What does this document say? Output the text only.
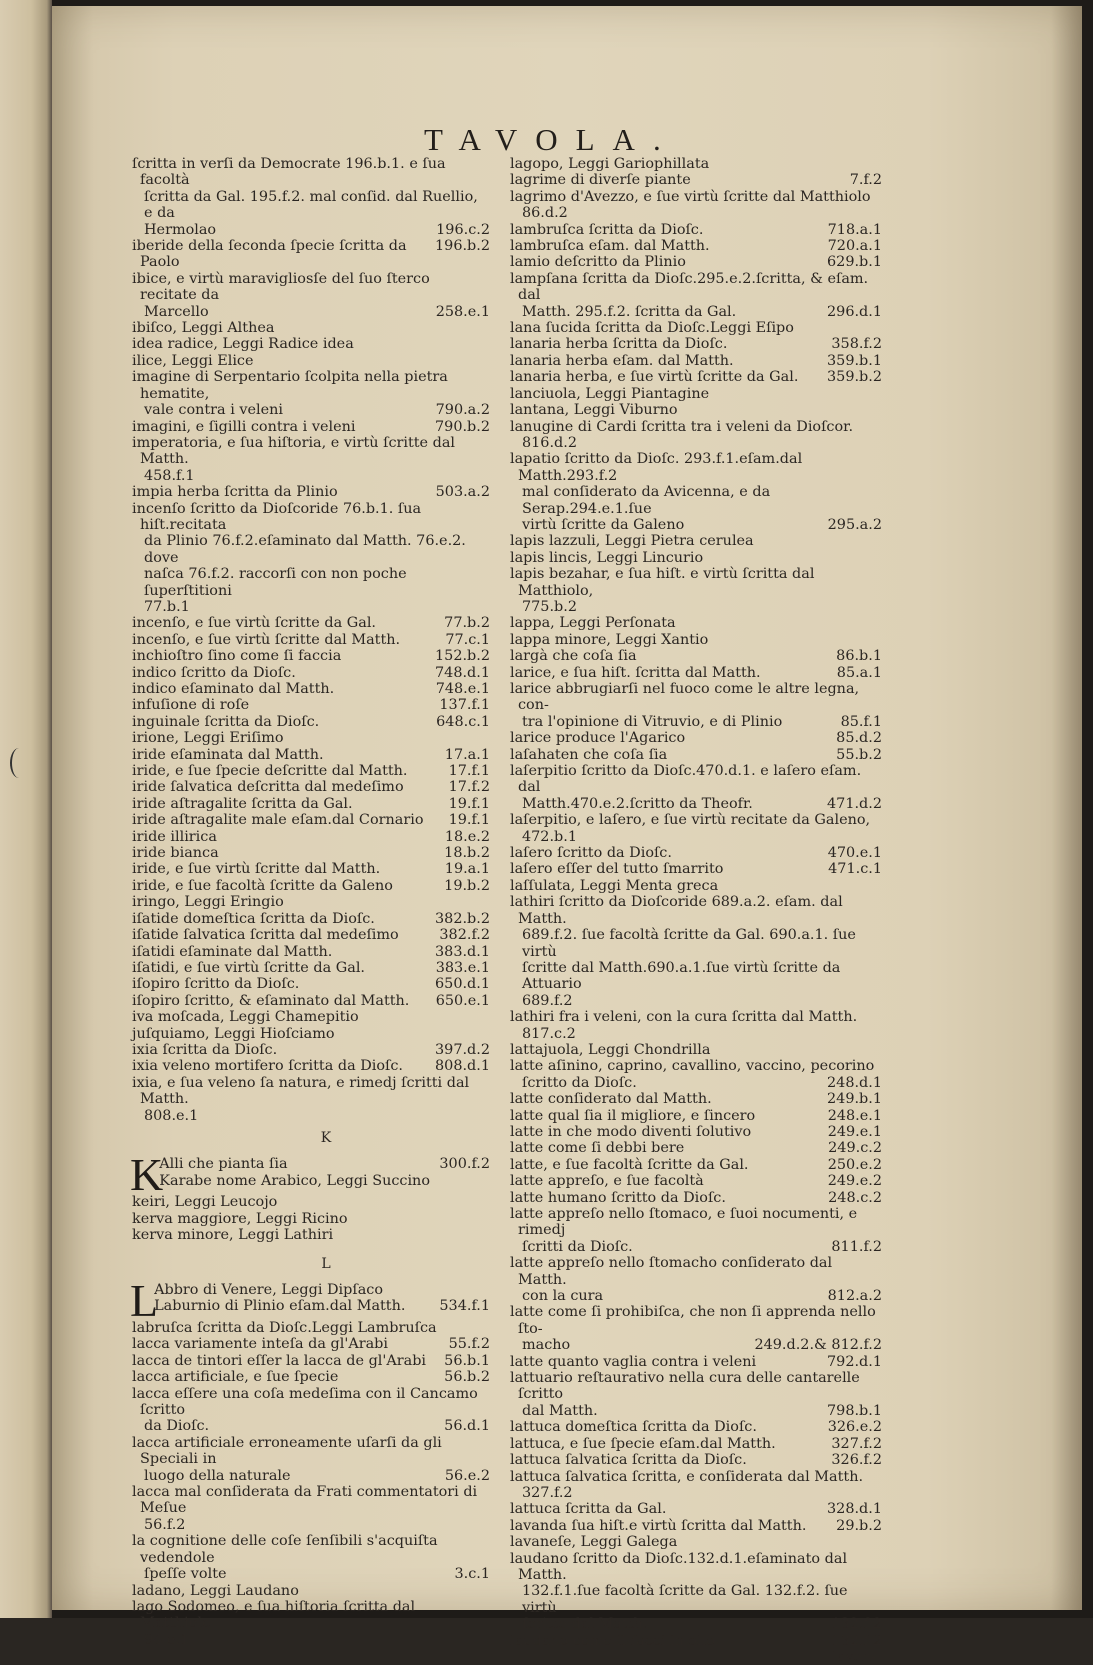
TAVOLA.
ſcritta in verſi da Democrate 196.b.1. e ſua facoltà
ſcritta da Gal. 195.f.2. mal conſid. dal Ruellio, e da
196.c.2
Hermolao
196.b.2
iberide della ſeconda ſpecie ſcritta da Paolo
ibice, e virtù maravigliosſe del ſuo ſterco recitate da
258.e.1
Marcello
ibiſco, Leggi Althea
idea radice, Leggi Radice idea
ilice, Leggi Elice
imagine di Serpentario ſcolpita nella pietra hematite,
790.a.2
vale contra i veleni
790.b.2
imagini, e ſigilli contra i veleni
imperatoria, e ſua hiſtoria, e virtù ſcritte dal Matth.
458.f.1
503.a.2
impia herba ſcritta da Plinio
incenſo ſcritto da Dioſcoride 76.b.1. ſua hiſt.recitata
da Plinio 76.f.2.eſaminato dal Matth. 76.e.2. dove
naſca 76.f.2. raccorſi con non poche ſuperſtitioni
77.b.1
77.b.2
incenſo, e ſue virtù ſcritte da Gal.
77.c.1
incenſo, e ſue virtù ſcritte dal Matth.
152.b.2
inchioſtro ſino come ſi faccia
748.d.1
indico ſcritto da Dioſc.
748.e.1
indico eſaminato dal Matth.
137.f.1
infuſione di roſe
648.c.1
inguinale ſcritta da Dioſc.
irione, Leggi Eriſimo
17.a.1
iride eſaminata dal Matth.
17.f.1
iride, e ſue ſpecie deſcritte dal Matth.
17.f.2
iride ſalvatica deſcritta dal medeſimo
19.f.1
iride aſtragalite ſcritta da Gal.
19.f.1
iride aſtragalite male eſam.dal Cornario
18.e.2
iride illirica
18.b.2
iride bianca
19.a.1
iride, e ſue virtù ſcritte dal Matth.
19.b.2
iride, e ſue facoltà ſcritte da Galeno
iringo, Leggi Eringio
382.b.2
iſatide domeſtica ſcritta da Dioſc.
382.f.2
iſatide ſalvatica ſcritta dal medeſimo
383.d.1
iſatidi eſaminate dal Matth.
383.e.1
iſatidi, e ſue virtù ſcritte da Gal.
650.d.1
iſopiro ſcritto da Dioſc.
650.e.1
iſopiro ſcritto, & eſaminato dal Matth.
iva moſcada, Leggi Chamepitio
juſquiamo, Leggi Hioſciamo
397.d.2
ixia ſcritta da Dioſc.
808.d.1
ixia veleno mortifero ſcritta da Dioſc.
ixia, e ſua veleno ſa natura, e rimedj ſcritti dal Matth.
808.e.1
K
K	300.f.2
Alli che pianta ſia
Karabe nome Arabico, Leggi Succino
keiri, Leggi Leucojo
kerva maggiore, Leggi Ricino
kerva minore, Leggi Lathiri
L
L
Abbro di Venere, Leggi Dipſaco
534.f.1
Laburnio di Plinio eſam.dal Matth.
labruſca ſcritta da Dioſc.Leggi Lambruſca
55.f.2
lacca variamente inteſa da gl'Arabi
56.b.1
lacca de tintori eſſer la lacca de gl'Arabi
56.b.2
lacca artificiale, e ſue ſpecie
lacca eſſere una coſa medeſima con il Cancamo ſcritto
56.d.1
da Dioſc.
lacca artificiale erroneamente uſarſi da gli Speciali in
56.e.2
luogo della naturale
lacca mal conſiderata da Frati commentatori di Meſue
56.f.2
la cognitione delle coſe ſenſibili s'acquiſta vedendole
3.c.1
ſpeſſe volte
ladano, Leggi Laudano
lago Sodomeo, e ſua hiſtoria ſcritta dal Matthiolo
94.e.1
lagopo, Leggi Gariophillata
7.f.2
lagrime di diverſe piante
lagrimo d'Avezzo, e ſue virtù ſcritte dal Matthiolo
86.d.2
718.a.1
lambruſca ſcritta da Dioſc.
720.a.1
lambruſca eſam. dal Matth.
629.b.1
lamio deſcritto da Plinio
lampſana ſcritta da Dioſc.295.e.2.ſcritta, & eſam. dal
296.d.1
Matth. 295.f.2. ſcritta da Gal.
lana ſucida ſcritta da Dioſc.Leggi Eſipo
358.f.2
lanaria herba ſcritta da Dioſc.
359.b.1
lanaria herba eſam. dal Matth.
359.b.2
lanaria herba, e ſue virtù ſcritte da Gal.
lanciuola, Leggi Piantagine
lantana, Leggi Viburno
lanugine di Cardi ſcritta tra i veleni da Dioſcor.
816.d.2
lapatio ſcritto da Dioſc. 293.f.1.eſam.dal Matth.293.f.2
mal conſiderato da Avicenna, e da Serap.294.e.1.ſue
295.a.2
virtù ſcritte da Galeno
lapis lazzuli, Leggi Pietra cerulea
lapis lincis, Leggi Lincurio
lapis bezahar, e ſua hiſt. e virtù ſcritta dal Matthiolo,
775.b.2
lappa, Leggi Perſonata
lappa minore, Leggi Xantio
86.b.1
largà che coſa ſia
85.a.1
larice, e ſua hiſt. ſcritta dal Matth.
larice abbrugiarſi nel fuoco come le altre legna, con-
85.f.1
tra l'opinione di Vitruvio, e di Plinio
85.d.2
larice produce l'Agarico
55.b.2
laſahaten che coſa ſia
laſerpitio ſcritto da Dioſc.470.d.1. e laſero eſam. dal
471.d.2
Matth.470.e.2.ſcritto da Theofr.
laſerpitio, e laſero, e ſue virtù recitate da Galeno,
472.b.1
470.e.1
laſero ſcritto da Dioſc.
471.c.1
laſero eſſer del tutto ſmarrito
laſſulata, Leggi Menta greca
lathiri ſcritto da Dioſcoride 689.a.2. eſam. dal Matth.
689.f.2. ſue facoltà ſcritte da Gal. 690.a.1. ſue virtù
ſcritte dal Matth.690.a.1.ſue virtù ſcritte da Attuario
689.f.2
lathiri fra i veleni, con la cura ſcritta dal Matth.
817.c.2
lattajuola, Leggi Chondrilla
latte aſinino, caprino, cavallino, vaccino, pecorino
248.d.1
ſcritto da Dioſc.
249.b.1
latte conſiderato dal Matth.
248.e.1
latte qual ſia il migliore, e ſincero
249.e.1
latte in che modo diventi ſolutivo
249.c.2
latte come ſi debbi bere
250.e.2
latte, e ſue facoltà ſcritte da Gal.
249.e.2
latte appreſo, e ſue facoltà
248.c.2
latte humano ſcritto da Dioſc.
latte appreſo nello ſtomaco, e ſuoi nocumenti, e rimedj
811.f.2
ſcritti da Dioſc.
latte appreſo nello ſtomacho conſiderato dal Matth.
812.a.2
con la cura
latte come ſi prohibiſca, che non ſi apprenda nello ſto-
249.d.2.& 812.f.2
macho
792.d.1
latte quanto vaglia contra i veleni
lattuario reſtaurativo nella cura delle cantarelle ſcritto
798.b.1
dal Matth.
326.e.2
lattuca domeſtica ſcritta da Dioſc.
327.f.2
lattuca, e ſue ſpecie eſam.dal Matth.
326.f.2
lattuca ſalvatica ſcritta da Dioſc.
lattuca ſalvatica ſcritta, e conſiderata dal Matth.
327.f.2
328.d.1
lattuca ſcritta da Gal.
29.b.2
lavanda ſua hiſt.e virtù ſcritta dal Matth.
lavaneſe, Leggi Galega
laudano ſcritto da Dioſc.132.d.1.eſaminato dal Matth.
132.f.1.ſue facoltà ſcritte da Gal. 132.f.2. ſue virtù
132.f.2
ſcritte dal Matth.
132.f.2
laudano come ſi facci in olio
laven-
